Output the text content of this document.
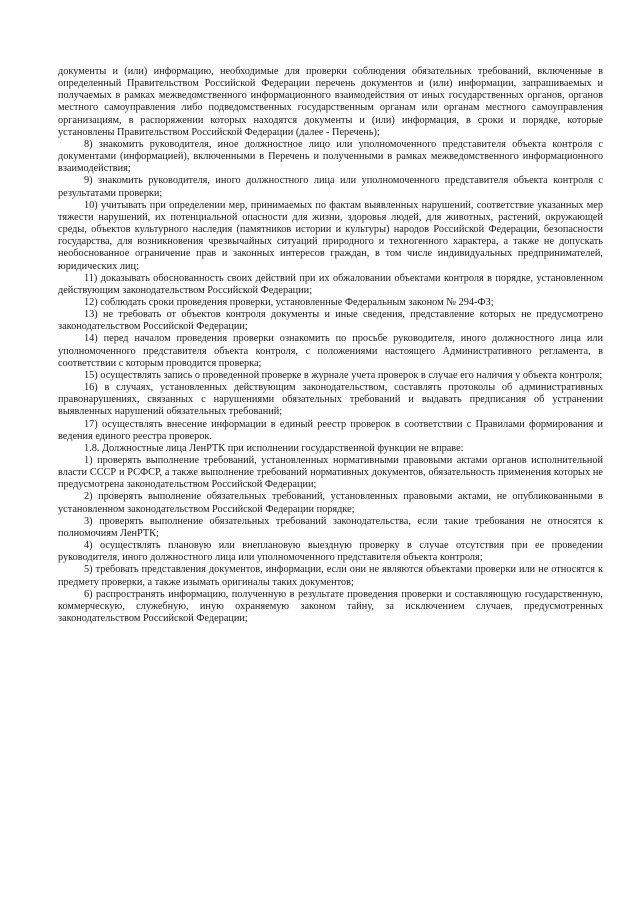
документы и (или) информацию, необходимые для проверки соблюдения обязательных требований, включенные в определенный Правительством Российской Федерации перечень документов и (или) информации, запрашиваемых и получаемых в рамках межведомственного информационного взаимодействия от иных государственных органов, органов местного самоуправления либо подведомственных государственным органам или органам местного самоуправления организациям, в распоряжении которых находятся документы и (или) информация, в сроки и порядке, которые установлены Правительством Российской Федерации (далее - Перечень);

8) знакомить руководителя, иное должностное лицо или уполномоченного представителя объекта контроля с документами (информацией), включенными в Перечень и полученными в рамках межведомственного информационного взаимодействия;

9) знакомить руководителя, иного должностного лица или уполномоченного представителя объекта контроля с результатами проверки;

10) учитывать при определении мер, принимаемых по фактам выявленных нарушений, соответствие указанных мер тяжести нарушений, их потенциальной опасности для жизни, здоровья людей, для животных, растений, окружающей среды, объектов культурного наследия (памятников истории и культуры) народов Российской Федерации, безопасности государства, для возникновения чрезвычайных ситуаций природного и техногенного характера, а также не допускать необоснованное ограничение прав и законных интересов граждан, в том числе индивидуальных предпринимателей, юридических лиц;

11) доказывать обоснованность своих действий при их обжаловании объектами контроля в порядке, установленном действующим законодательством Российской Федерации;

12) соблюдать сроки проведения проверки, установленные Федеральным законом № 294-ФЗ;

13) не требовать от объектов контроля документы и иные сведения, представление которых не предусмотрено законодательством Российской Федерации;

14) перед началом проведения проверки ознакомить по просьбе руководителя, иного должностного лица или уполномоченного представителя объекта контроля, с положениями настоящего Административного регламента, в соответствии с которым проводится проверка;

15) осуществлять запись о проведенной проверке в журнале учета проверок в случае его наличия у объекта контроля;

16) в случаях, установленных действующим законодательством, составлять протоколы об административных правонарушениях, связанных с нарушениями обязательных требований и выдавать предписания об устранении выявленных нарушений обязательных требований;

17) осуществлять внесение информации в единый реестр проверок в соответствии с Правилами формирования и ведения единого реестра проверок.

1.8. Должностные лица ЛенРТК при исполнении государственной функции не вправе:

1) проверять выполнение требований, установленных нормативными правовыми актами органов исполнительной власти СССР и РСФСР, а также выполнение требований нормативных документов, обязательность применения которых не предусмотрена законодательством Российской Федерации;

2) проверять выполнение обязательных требований, установленных правовыми актами, не опубликованными в установленном законодательством Российской Федерации порядке;

3) проверять выполнение обязательных требований законодательства, если такие требования не относятся к полномочиям ЛенРТК;

4) осуществлять плановую или внеплановую выездную проверку в случае отсутствия при ее проведении руководителя, иного должностного лица или уполномоченного представителя объекта контроля;

5) требовать представления документов, информации, если они не являются объектами проверки или не относятся к предмету проверки, а также изымать оригиналы таких документов;

6) распространять информацию, полученную в результате проведения проверки и составляющую государственную, коммерческую, служебную, иную охраняемую законом тайну, за исключением случаев, предусмотренных законодательством Российской Федерации;
